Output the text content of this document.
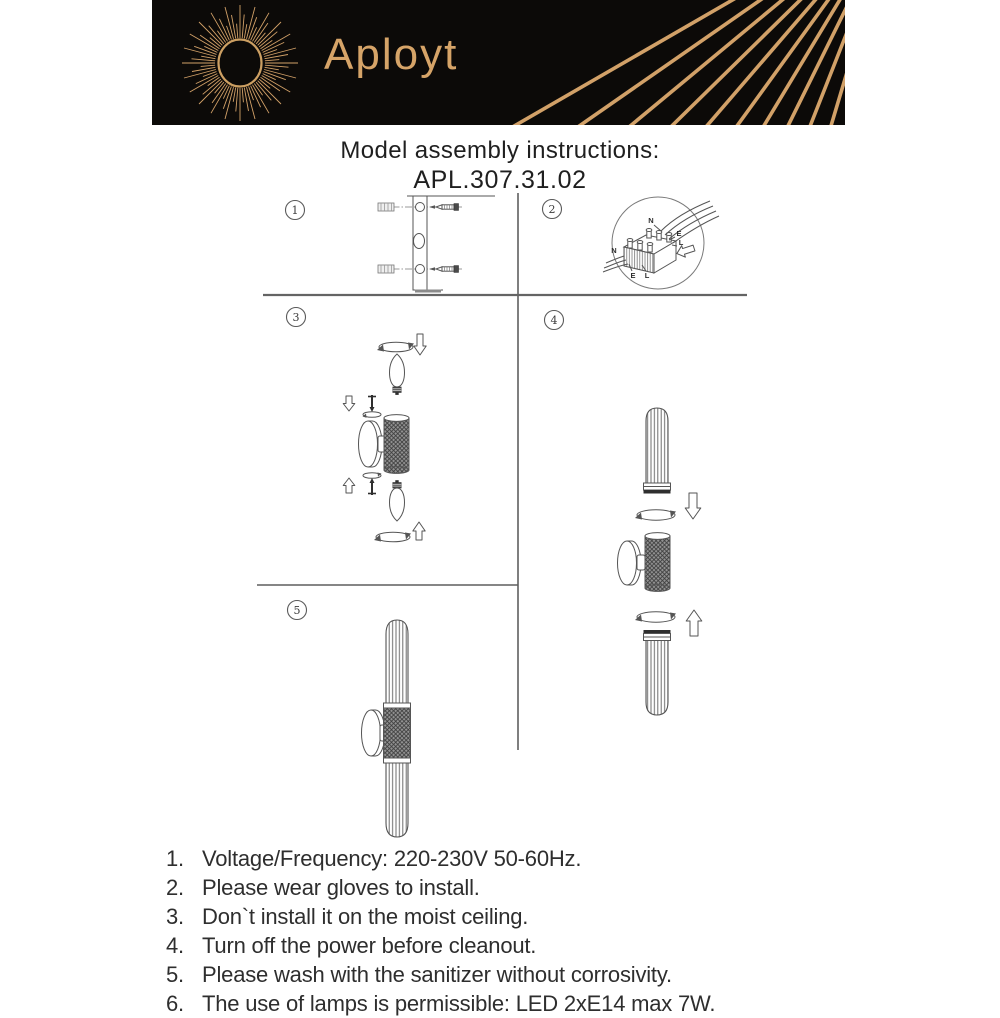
Aployt
Model assembly instructions:
APL.307.31.02
1	2
N
E
L
N
E L
3	4
5
1. Voltage/Frequency: 220-230V 50-60Hz.
2. Please wear gloves to install.
3. Don`t install it on the moist ceiling.
4. Turn off the power before cleanout.
5. Please wash with the sanitizer without corrosivity.
6. The use of lamps is permissible: LED 2xE14 max 7W.
